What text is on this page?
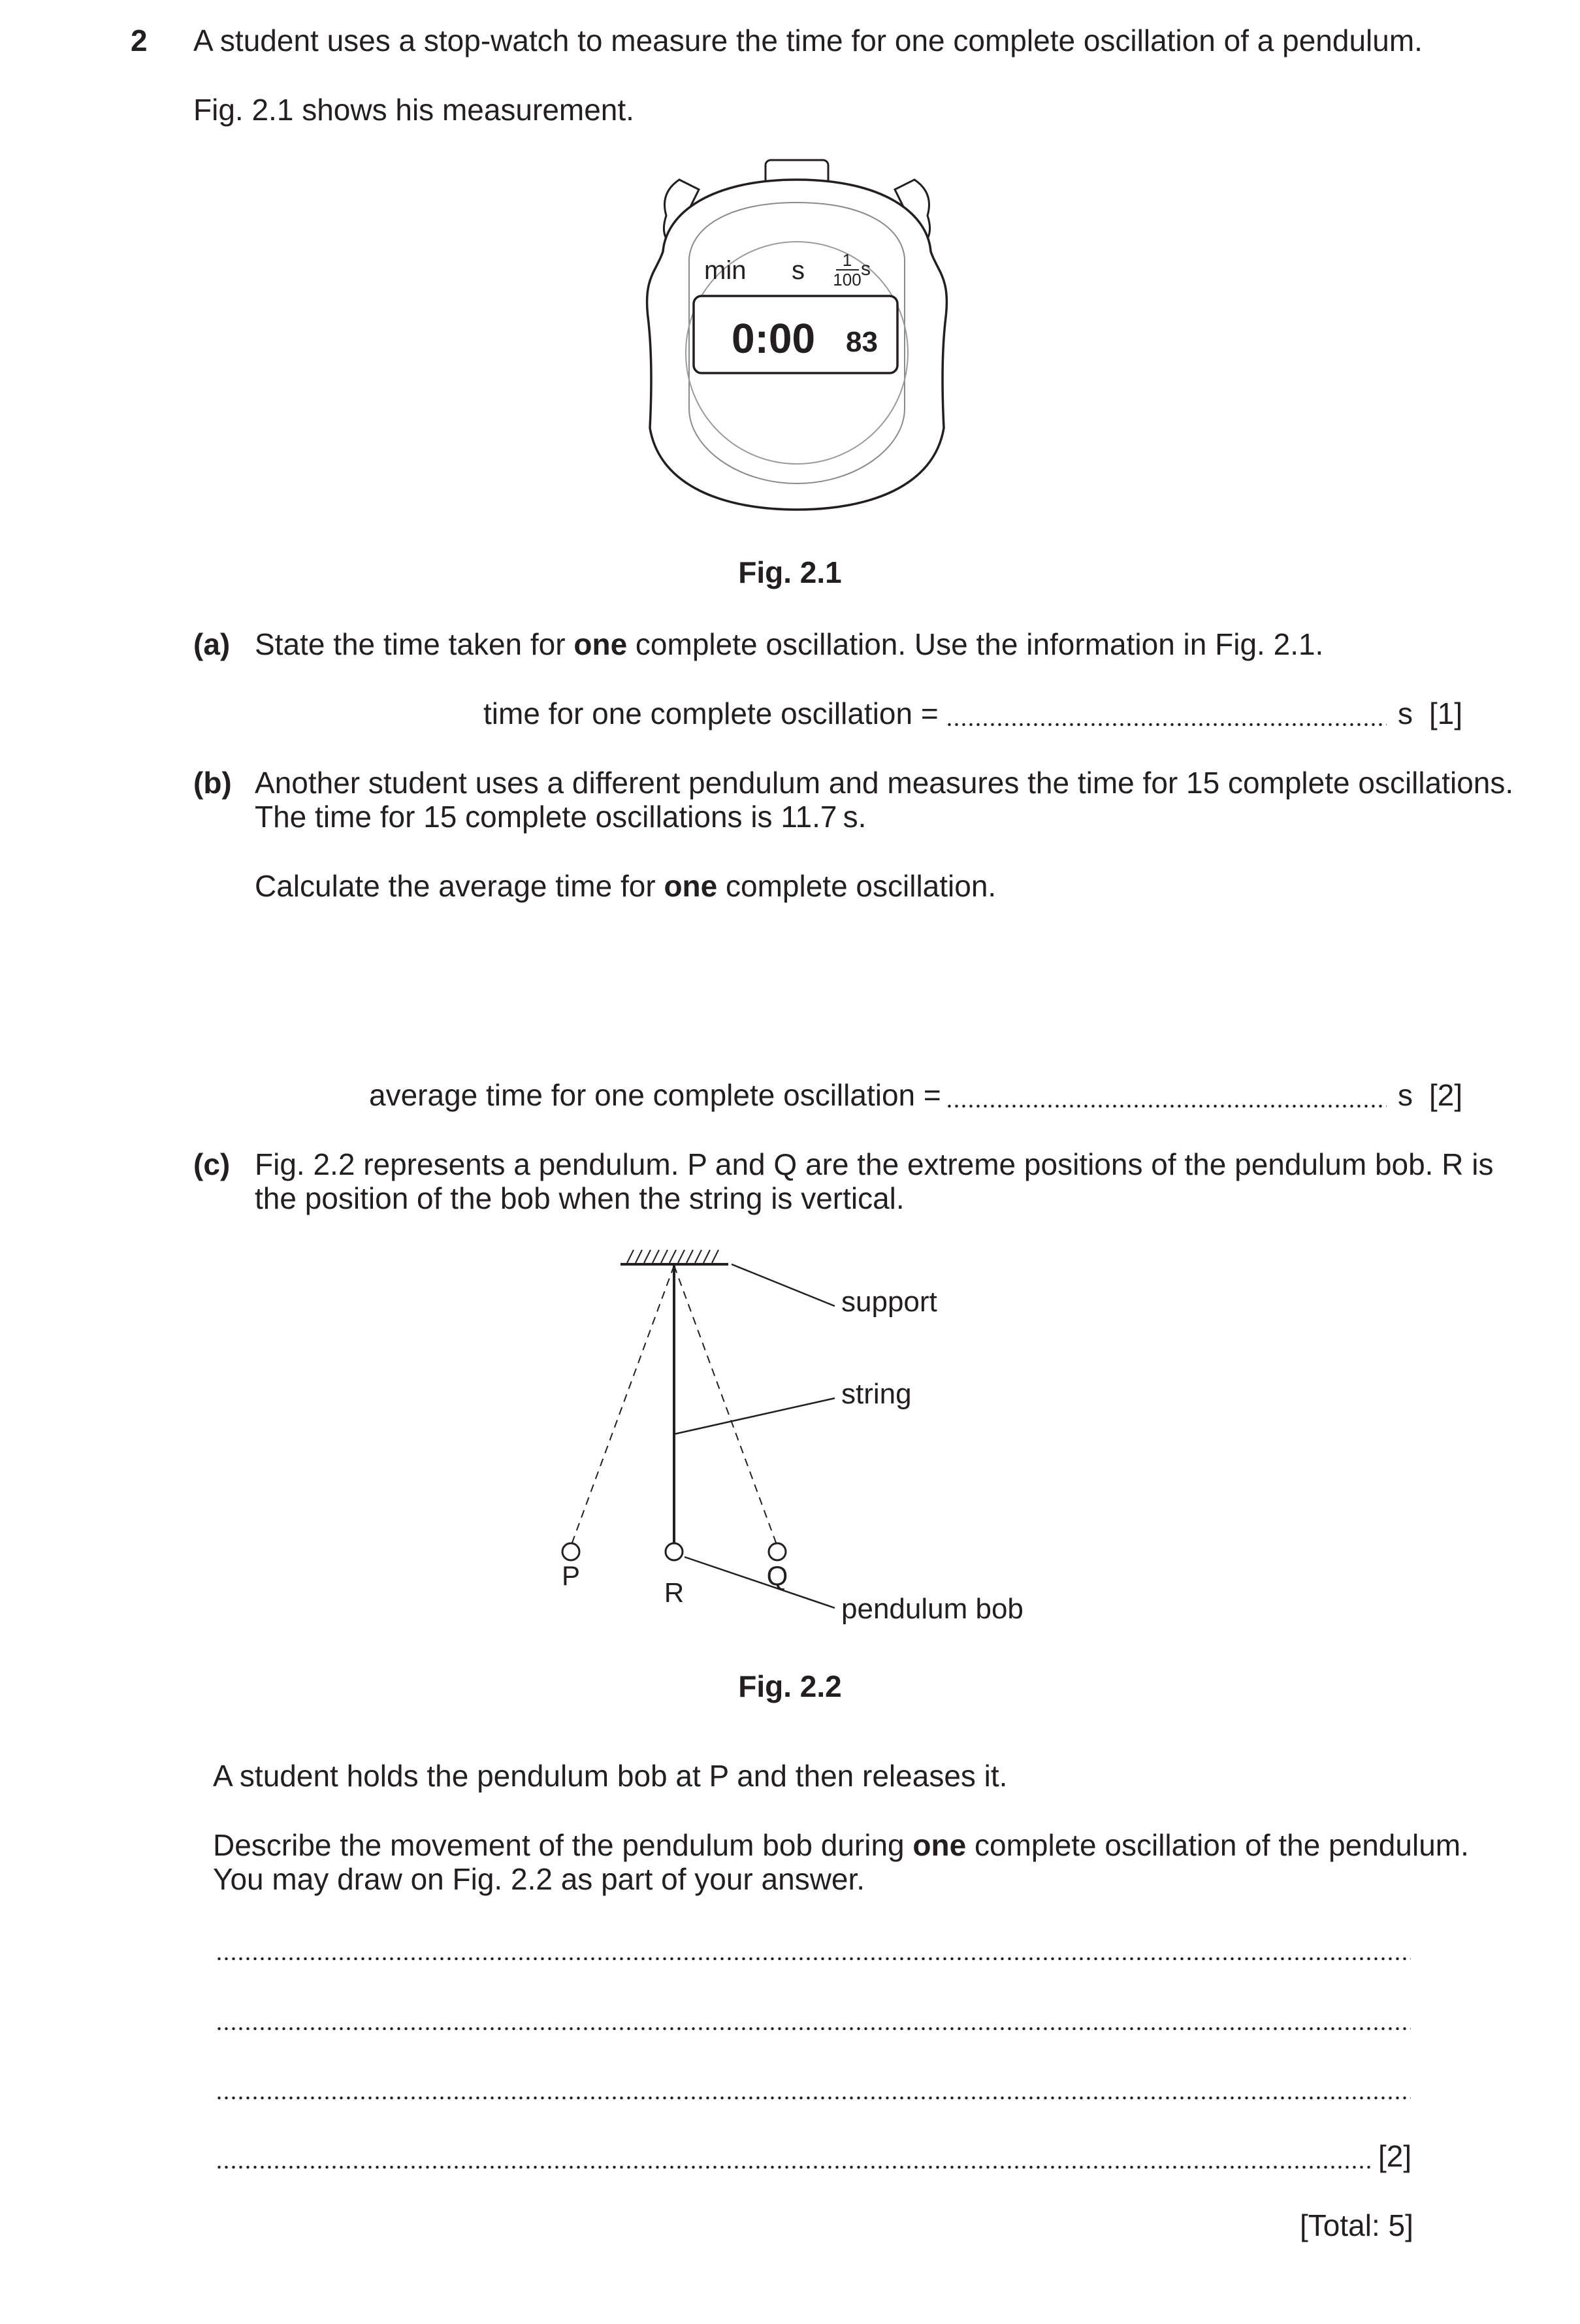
2 A student uses a stop-watch to measure the time for one complete oscillation of a pendulum.
Fig. 2.1 shows his measurement.
min s 1
100 s
0:00 83
Fig. 2.1
(a) State the time taken for one complete oscillation. Use the information in Fig. 2.1.
time for one complete oscillation =	s [1]
(b) Another student uses a different pendulum and measures the time for 15 complete oscillations.
The time for 15 complete oscillations is 11.7 s.
Calculate the average time for one complete oscillation.
average time for one complete oscillation =	s [2]
(c) Fig. 2.2 represents a pendulum. P and Q are the extreme positions of the pendulum bob. R is
the position of the bob when the string is vertical.
P
R
Q
support
string
pendulum bob
Fig. 2.2
A student holds the pendulum bob at P and then releases it.
Describe the movement of the pendulum bob during one complete oscillation of the pendulum.
You may draw on Fig. 2.2 as part of your answer.
[2]
[Total: 5]
